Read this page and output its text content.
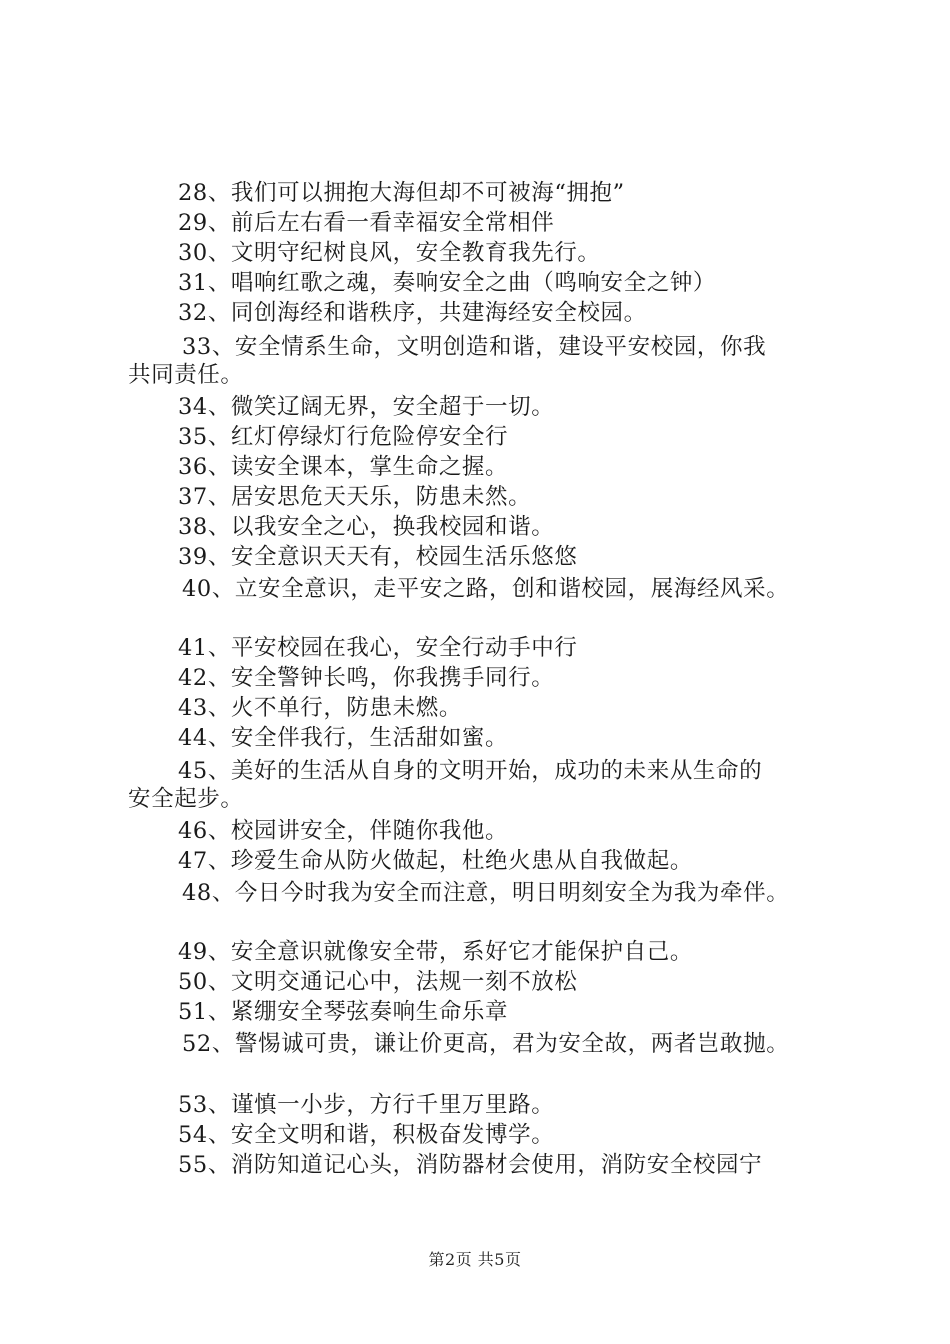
28、我们可以拥抱大海但却不可被海“拥抱”
29、前后左右看一看幸福安全常相伴
30、文明守纪树良风，安全教育我先行。
31、唱响红歌之魂，奏响安全之曲（鸣响安全之钟）
32、同创海经和谐秩序，共建海经安全校园。
33、安全情系生命，文明创造和谐，建设平安校园，你我
共同责任。
34、微笑辽阔无界，安全超于一切。
35、红灯停绿灯行危险停安全行
36、读安全课本，掌生命之握。
37、居安思危天天乐，防患未然。
38、以我安全之心，换我校园和谐。
39、安全意识天天有，校园生活乐悠悠
40、立安全意识，走平安之路，创和谐校园，展海经风采。
41、平安校园在我心，安全行动手中行
42、安全警钟长鸣，你我携手同行。
43、火不单行，防患未燃。
44、安全伴我行，生活甜如蜜。
45、美好的生活从自身的文明开始，成功的未来从生命的
安全起步。
46、校园讲安全，伴随你我他。
47、珍爱生命从防火做起，杜绝火患从自我做起。
48、今日今时我为安全而注意，明日明刻安全为我为牵伴。
49、安全意识就像安全带，系好它才能保护自己。
50、文明交通记心中，法规一刻不放松
51、紧绷安全琴弦奏响生命乐章
52、警惕诚可贵，谦让价更高，君为安全故，两者岂敢抛。
53、谨慎一小步，方行千里万里路。
54、安全文明和谐，积极奋发博学。
55、消防知道记心头，消防器材会使用，消防安全校园宁
第2页 共5页
